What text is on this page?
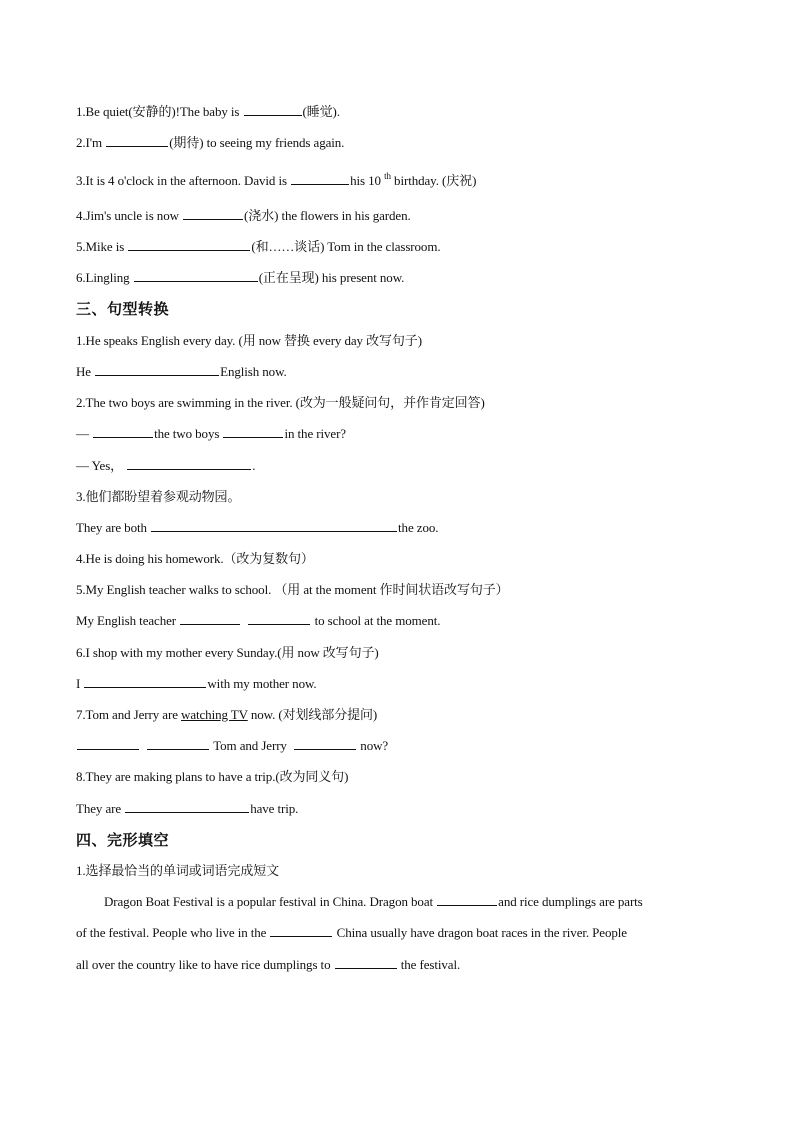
1.Be quiet(安静的)!The baby is	(睡觉).
2.I'm	(期待) to seeing my friends again.
3.It is 4 o'clock in the afternoon. David is	his 10 $^{th}$ birthday. (庆祝)
4.Jim's uncle is now	(浇水) the flowers in his garden.
5.Mike is	(和……谈话) Tom in the classroom.
6.Lingling	(正在呈现) his present now.
三、句型转换
1.He speaks English every day. (用 now 替换 every day 改写句子)
He	English now.
2.The two boys are swimming in the river. (改为一般疑问句，并作肯定回答)
—	the two boys	in the river?
— Yes，	.
3.他们都盼望着参观动物园。
They are both	the zoo.
4.He is doing his homework.（改为复数句）
5.My English teacher walks to school. （用 at the moment 作时间状语改写句子）
My English teacher	to school at the moment.
6.I shop with my mother every Sunday.(用 now 改写句子)
I	with my mother now.
7.Tom and Jerry are watching TV now. (对划线部分提问)
Tom and Jerry	now?
8.They are making plans to have a trip.(改为同义句)
They are	have trip.
四、完形填空
1.选择最恰当的单词或词语完成短文
Dragon Boat Festival is a popular festival in China. Dragon boat	and rice dumplings are parts
of the festival. People who live in the	China usually have dragon boat races in the river. People
all over the country like to have rice dumplings to	the festival.
